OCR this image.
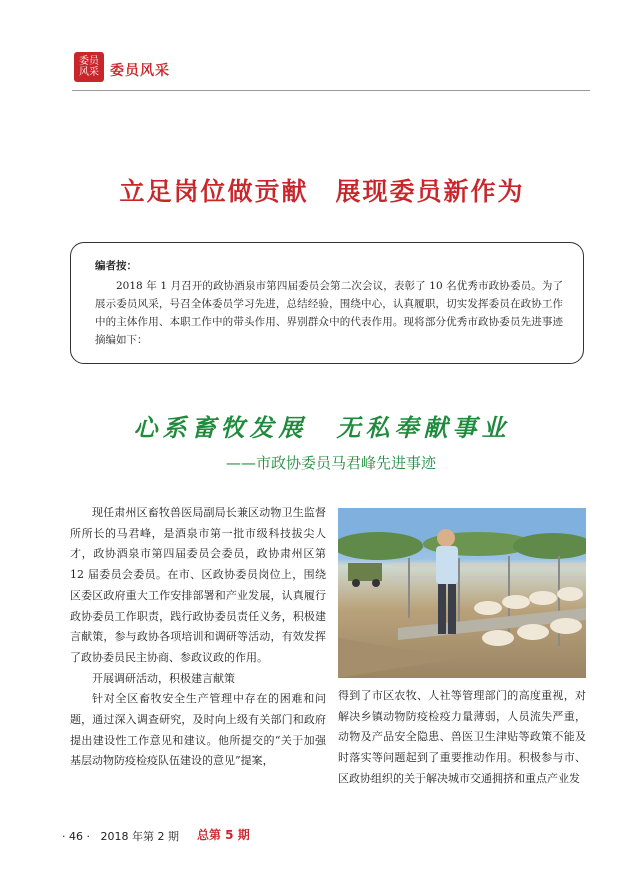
委员
风采 委员风采
立足岗位做贡献　展现委员新作为
编者按：
2018 年 1 月召开的政协酒泉市第四届委员会第二次会议，表彰了 10 名优秀市政协委员。为了展示委员风采，号召全体委员学习先进，总结经验，围绕中心，认真履职，切实发挥委员在政协工作中的主体作用、本职工作中的带头作用、界别群众中的代表作用。现将部分优秀市政协委员先进事迹摘编如下：
心系畜牧发展　无私奉献事业
——市政协委员马君峰先进事迹

现任肃州区畜牧兽医局副局长兼区动物卫生监督所所长的马君峰，是酒泉市第一批市级科技拔尖人才，政协酒泉市第四届委员会委员，政协肃州区第 12 届委员会委员。在市、区政协委员岗位上，围绕区委区政府重大工作安排部署和产业发展，认真履行政协委员工作职责，践行政协委员责任义务，积极建言献策，参与政协各项培训和调研等活动，有效发挥了政协委员民主协商、参政议政的作用。

开展调研活动，积极建言献策

针对全区畜牧安全生产管理中存在的困难和问题，通过深入调查研究，及时向上级有关部门和政府提出建设性工作意见和建议。他所提交的“关于加强基层动物防疫检疫队伍建设的意见”提案，

得到了市区农牧、人社等管理部门的高度重视，对解决乡镇动物防疫检疫力量薄弱，人员流失严重，动物及产品安全隐患、兽医卫生津贴等政策不能及时落实等问题起到了重要推动作用。积极参与市、区政协组织的关于解决城市交通拥挤和重点产业发

· 46 ·   2018 年第 2 期 总第 5 期
